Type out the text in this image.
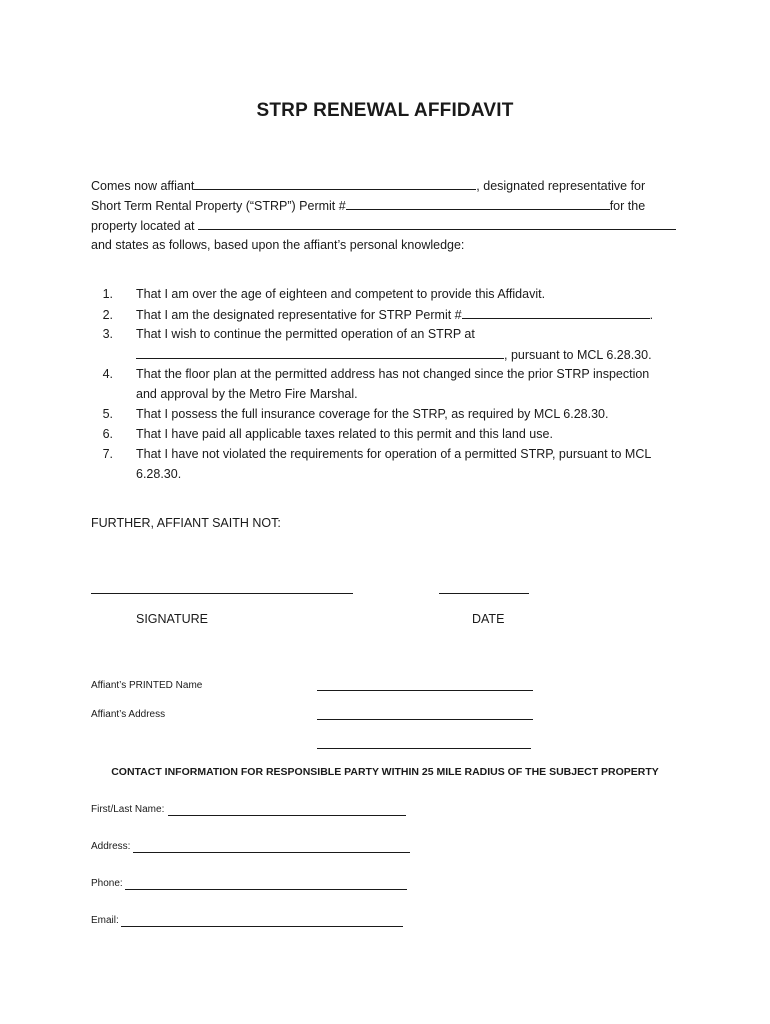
STRP RENEWAL AFFIDAVIT
Comes now affiant	, designated representative for
Short Term Rental Property (“STRP”) Permit #	for the
property located at
and states as follows, based upon the affiant’s personal knowledge:
1. That I am over the age of eighteen and competent to provide this Affidavit.
2. That I am the designated representative for STRP Permit #	.
3. That I wish to continue the permitted operation of an STRP at
, pursuant to MCL 6.28.30.
4. That the floor plan at the permitted address has not changed since the prior STRP inspection
and approval by the Metro Fire Marshal.
5. That I possess the full insurance coverage for the STRP, as required by MCL 6.28.30.
6. That I have paid all applicable taxes related to this permit and this land use.
7. That I have not violated the requirements for operation of a permitted STRP, pursuant to MCL
6.28.30.
FURTHER, AFFIANT SAITH NOT:
SIGNATURE	DATE
Affiant’s PRINTED Name
Affiant’s Address
CONTACT INFORMATION FOR RESPONSIBLE PARTY WITHIN 25 MILE RADIUS OF THE SUBJECT PROPERTY
First/Last Name:
Address:
Phone:
Email:
